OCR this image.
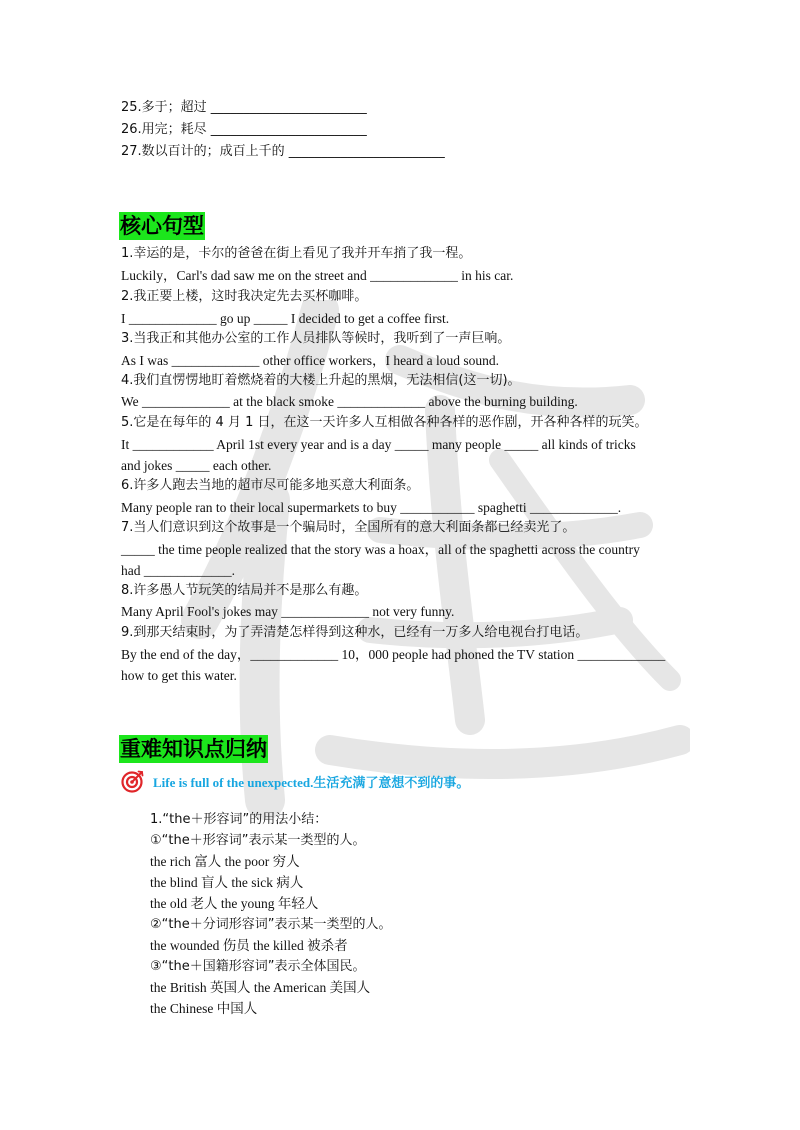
25.多于；超过 ________________________
26.用完；耗尽 ________________________
27.数以百计的；成百上千的 ________________________
核心句型
1.幸运的是，卡尔的爸爸在街上看见了我并开车捎了我一程。
Luckily，Carl's dad saw me on the street and _____________ in his car.
2.我正要上楼，这时我决定先去买杯咖啡。
I _____________ go up _____ I decided to get a coffee first.
3.当我正和其他办公室的工作人员排队等候时，我听到了一声巨响。
As I was _____________ other office workers，I heard a loud sound.
4.我们直愣愣地盯着燃烧着的大楼上升起的黑烟，无法相信(这一切)。
We _____________ at the black smoke _____________ above the burning building.
5.它是在每年的 4 月 1 日，在这一天许多人互相做各种各样的恶作剧，开各种各样的玩笑。
It ____________ April 1st every year and is a day _____ many people _____ all kinds of tricks
and jokes _____ each other.
6.许多人跑去当地的超市尽可能多地买意大利面条。
Many people ran to their local supermarkets to buy ___________ spaghetti _____________.
7.当人们意识到这个故事是一个骗局时，全国所有的意大利面条都已经卖光了。
_____ the time people realized that the story was a hoax，all of the spaghetti across the country
had _____________.
8.许多愚人节玩笑的结局并不是那么有趣。
Many April Fool's jokes may _____________ not very funny.
9.到那天结束时，为了弄清楚怎样得到这种水，已经有一万多人给电视台打电话。
By the end of the day，_____________ 10，000 people had phoned the TV station _____________
how to get this water.
重难知识点归纳
Life is full of the unexpected.生活充满了意想不到的事。
1.“the＋形容词”的用法小结：
①“the＋形容词”表示某一类型的人。
the rich 富人 the poor 穷人
the blind 盲人 the sick 病人
the old 老人 the young 年轻人
②“the＋分词形容词”表示某一类型的人。
the wounded 伤员 the killed 被杀者
③“the＋国籍形容词”表示全体国民。
the British 英国人 the American 美国人
the Chinese 中国人
